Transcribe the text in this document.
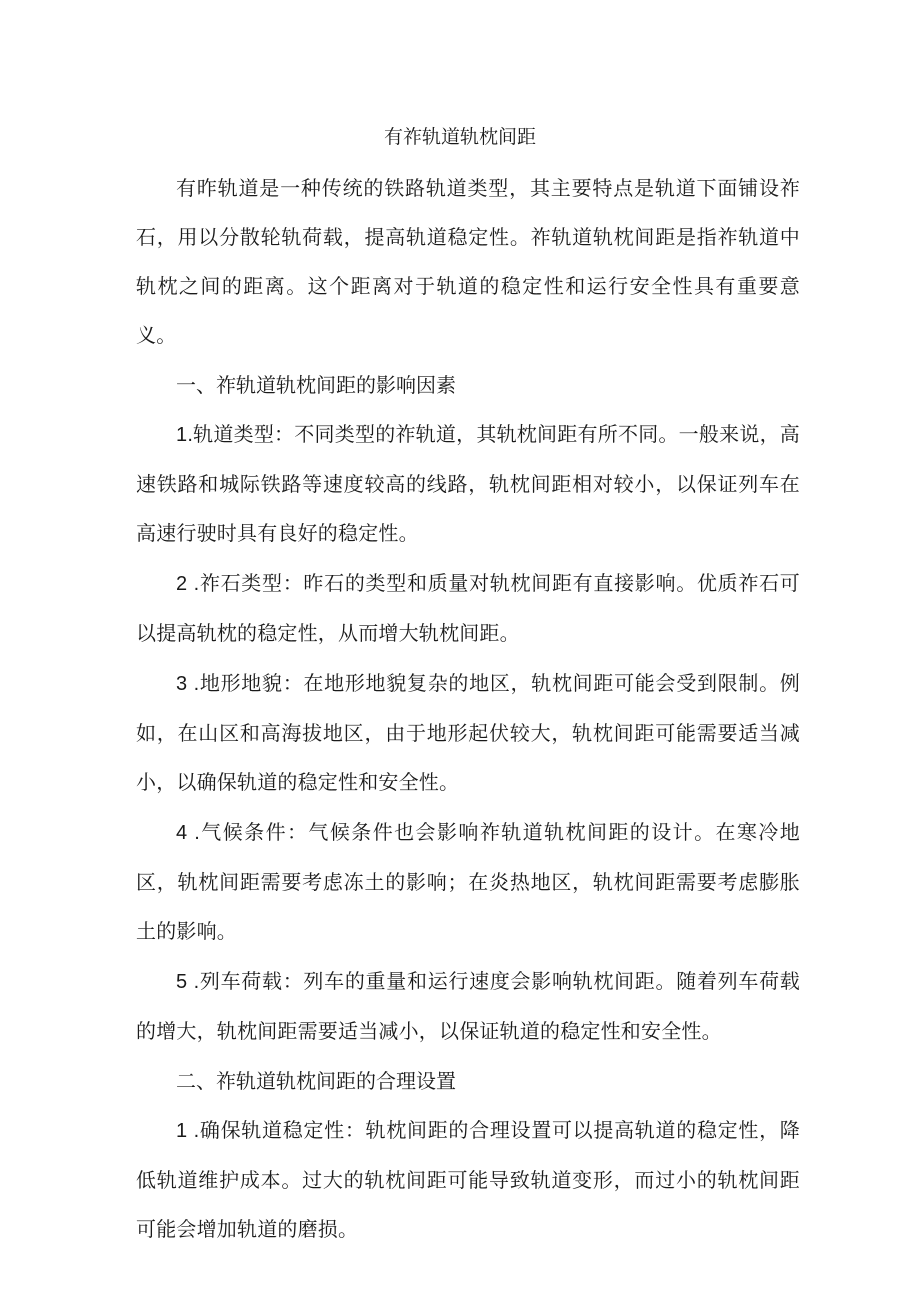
有祚轨道轨枕间距

有昨轨道是一种传统的铁路轨道类型，其主要特点是轨道下面铺设祚石，用以分散轮轨荷载，提高轨道稳定性。祚轨道轨枕间距是指祚轨道中轨枕之间的距离。这个距离对于轨道的稳定性和运行安全性具有重要意义。

一、祚轨道轨枕间距的影响因素

1.轨道类型：不同类型的祚轨道，其轨枕间距有所不同。一般来说，高速铁路和城际铁路等速度较高的线路，轨枕间距相对较小，以保证列车在高速行驶时具有良好的稳定性。

2 .祚石类型：昨石的类型和质量对轨枕间距有直接影响。优质祚石可以提高轨枕的稳定性，从而增大轨枕间距。

3 .地形地貌：在地形地貌复杂的地区，轨枕间距可能会受到限制。例如，在山区和高海拔地区，由于地形起伏较大，轨枕间距可能需要适当减小，以确保轨道的稳定性和安全性。

4 .气候条件：气候条件也会影响祚轨道轨枕间距的设计。在寒冷地区，轨枕间距需要考虑冻土的影响；在炎热地区，轨枕间距需要考虑膨胀土的影响。

5 .列车荷载：列车的重量和运行速度会影响轨枕间距。随着列车荷载的增大，轨枕间距需要适当减小，以保证轨道的稳定性和安全性。

二、祚轨道轨枕间距的合理设置

1 .确保轨道稳定性：轨枕间距的合理设置可以提高轨道的稳定性，降低轨道维护成本。过大的轨枕间距可能导致轨道变形，而过小的轨枕间距可能会增加轨道的磨损。
